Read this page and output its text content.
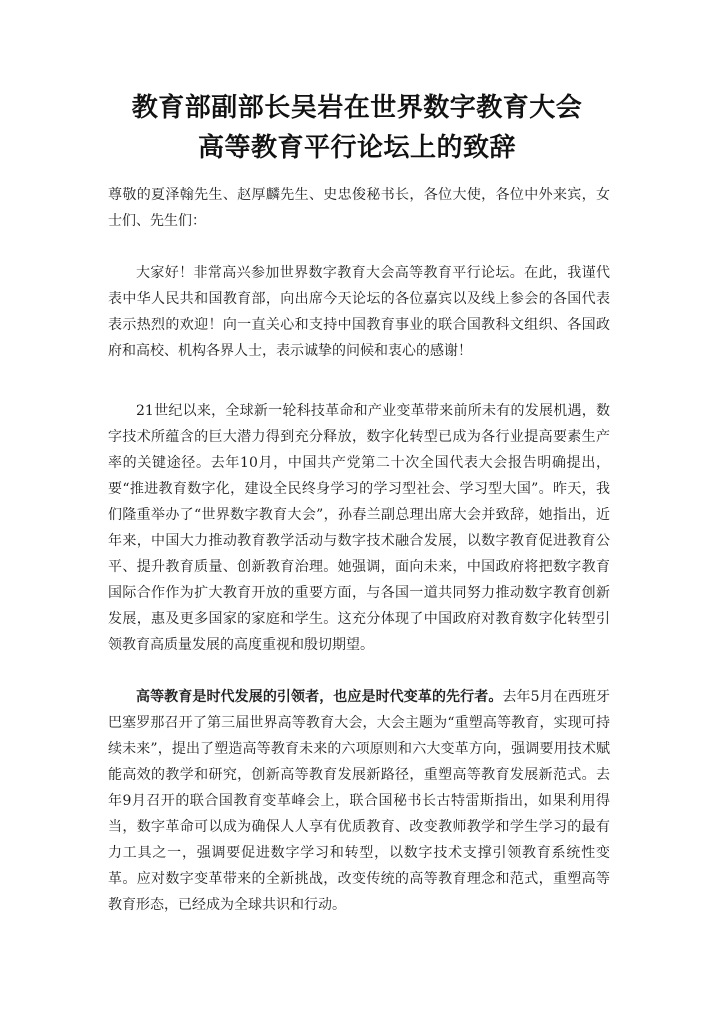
教育部副部长吴岩在世界数字教育大会
高等教育平行论坛上的致辞
尊敬的夏泽翰先生、赵厚麟先生、史忠俊秘书长，各位大使，各位中外来宾，女士们、先生们：
大家好！非常高兴参加世界数字教育大会高等教育平行论坛。在此，我谨代表中华人民共和国教育部，向出席今天论坛的各位嘉宾以及线上参会的各国代表表示热烈的欢迎！向一直关心和支持中国教育事业的联合国教科文组织、各国政府和高校、机构各界人士，表示诚挚的问候和衷心的感谢！
21世纪以来，全球新一轮科技革命和产业变革带来前所未有的发展机遇，数字技术所蕴含的巨大潜力得到充分释放，数字化转型已成为各行业提高要素生产率的关键途径。去年10月，中国共产党第二十次全国代表大会报告明确提出，要“推进教育数字化，建设全民终身学习的学习型社会、学习型大国”。昨天，我们隆重举办了“世界数字教育大会”，孙春兰副总理出席大会并致辞，她指出，近年来，中国大力推动教育教学活动与数字技术融合发展，以数字教育促进教育公平、提升教育质量、创新教育治理。她强调，面向未来，中国政府将把数字教育国际合作作为扩大教育开放的重要方面，与各国一道共同努力推动数字教育创新发展，惠及更多国家的家庭和学生。这充分体现了中国政府对教育数字化转型引领教育高质量发展的高度重视和殷切期望。
高等教育是时代发展的引领者，也应是时代变革的先行者。去年5月在西班牙巴塞罗那召开了第三届世界高等教育大会，大会主题为“重塑高等教育，实现可持续未来”，提出了塑造高等教育未来的六项原则和六大变革方向，强调要用技术赋能高效的教学和研究，创新高等教育发展新路径，重塑高等教育发展新范式。去年9月召开的联合国教育变革峰会上，联合国秘书长古特雷斯指出，如果利用得当，数字革命可以成为确保人人享有优质教育、改变教师教学和学生学习的最有力工具之一，强调要促进数字学习和转型，以数字技术支撑引领教育系统性变革。应对数字变革带来的全新挑战，改变传统的高等教育理念和范式，重塑高等教育形态，已经成为全球共识和行动。
